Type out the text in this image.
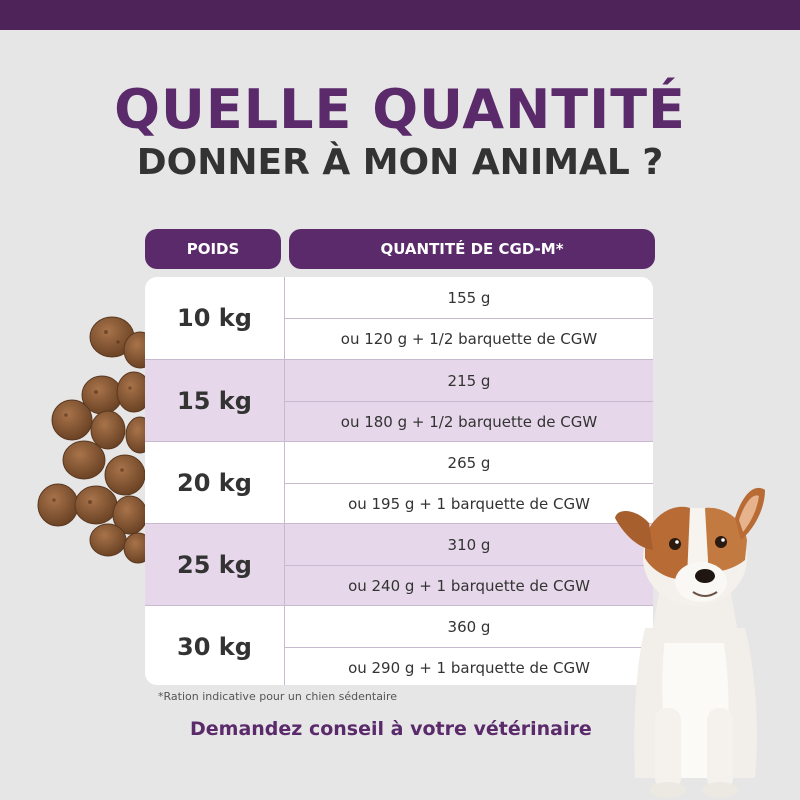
QUELLE QUANTITÉ
DONNER À MON ANIMAL ?
POIDS	QUANTITÉ DE CGD-M*
10 kg
155 g
ou 120 g + 1/2 barquette de CGW
15 kg
215 g
ou 180 g + 1/2 barquette de CGW
20 kg
265 g
ou 195 g + 1 barquette de CGW
25 kg
310 g
ou 240 g + 1 barquette de CGW
30 kg
360 g
ou 290 g + 1 barquette de CGW
*Ration indicative pour un chien sédentaire
Demandez conseil à votre vétérinaire
